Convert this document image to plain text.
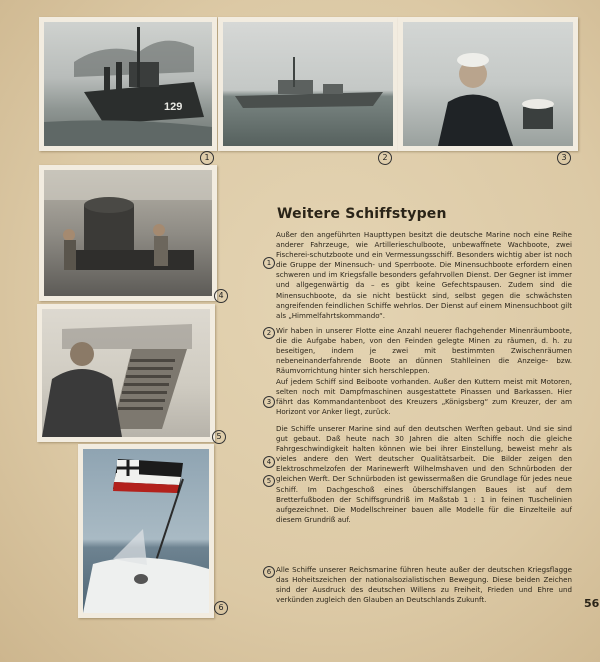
129
1	2	3
4
5
6
Weitere Schiffstypen
1

Außer den angeführten Haupttypen besitzt die deutsche Marine noch eine Reihe anderer Fahrzeuge, wie Artillerieschulboote, unbewaffnete Wachboote, zwei Fischerei-schutzboote und ein Vermessungsschiff. Besonders wichtig aber ist noch die Gruppe der Minensuch- und Sperrboote. Die Minensuchboote erfordern einen schweren und im Kriegsfalle besonders gefahrvollen Dienst. Der Gegner ist immer und allgegenwärtig da – es gibt keine Gefechtspausen. Zudem sind die Minensuchboote, da sie nicht bestückt sind, selbst gegen die schwächsten angreifenden feindlichen Schiffe wehrlos. Der Dienst auf einem Minensuchboot gilt als „Himmelfahrtskommando“.

2 Wir haben in unserer Flotte eine Anzahl neuerer flachgehender Minenräumboote, die die Aufgabe haben, von den Feinden gelegte Minen zu räumen, d. h. zu beseitigen, indem je zwei mit bestimmten Zwischenräumen nebeneinanderfahrende Boote an dünnen Stahlleinen die Anzeige- bzw. Räumvorrichtung hinter sich herschleppen.

3

Auf jedem Schiff sind Beiboote vorhanden. Außer den Kuttern meist mit Motoren, selten noch mit Dampfmaschinen ausgestattete Pinassen und Barkassen. Hier fährt das Kommandantenboot des Kreuzers „Königsberg“ zum Kreuzer, der am Horizont vor Anker liegt, zurück.

4
5

Die Schiffe unserer Marine sind auf den deutschen Werften gebaut. Und sie sind gut gebaut. Daß heute nach 30 Jahren die alten Schiffe noch die gleiche Fahrgeschwindigkeit halten können wie bei ihrer Einstellung, beweist mehr als vieles andere den Wert deutscher Qualitätsarbeit. Die Bilder zeigen den Elektroschmelzofen der Marinewerft Wilhelmshaven und den Schnürboden der gleichen Werft. Der Schnürboden ist gewissermaßen die Grundlage für jedes neue Schiff. Im Dachgeschoß eines überschiffslangen Baues ist auf dem Bretterfußboden der Schiffsgrundriß im Maßstab 1 : 1 in feinen Tuschelinien aufgezeichnet. Die Modellschreiner bauen alle Modelle für die Einzelteile auf diesem Grundriß auf.

6 Alle Schiffe unserer Reichsmarine führen heute außer der deutschen Kriegsflagge das Hoheitszeichen der nationalsozialistischen Bewegung. Diese beiden Zeichen sind der Ausdruck des deutschen Willens zu Freiheit, Frieden und Ehre und verkünden zugleich den Glauben an Deutschlands Zukunft.	56
